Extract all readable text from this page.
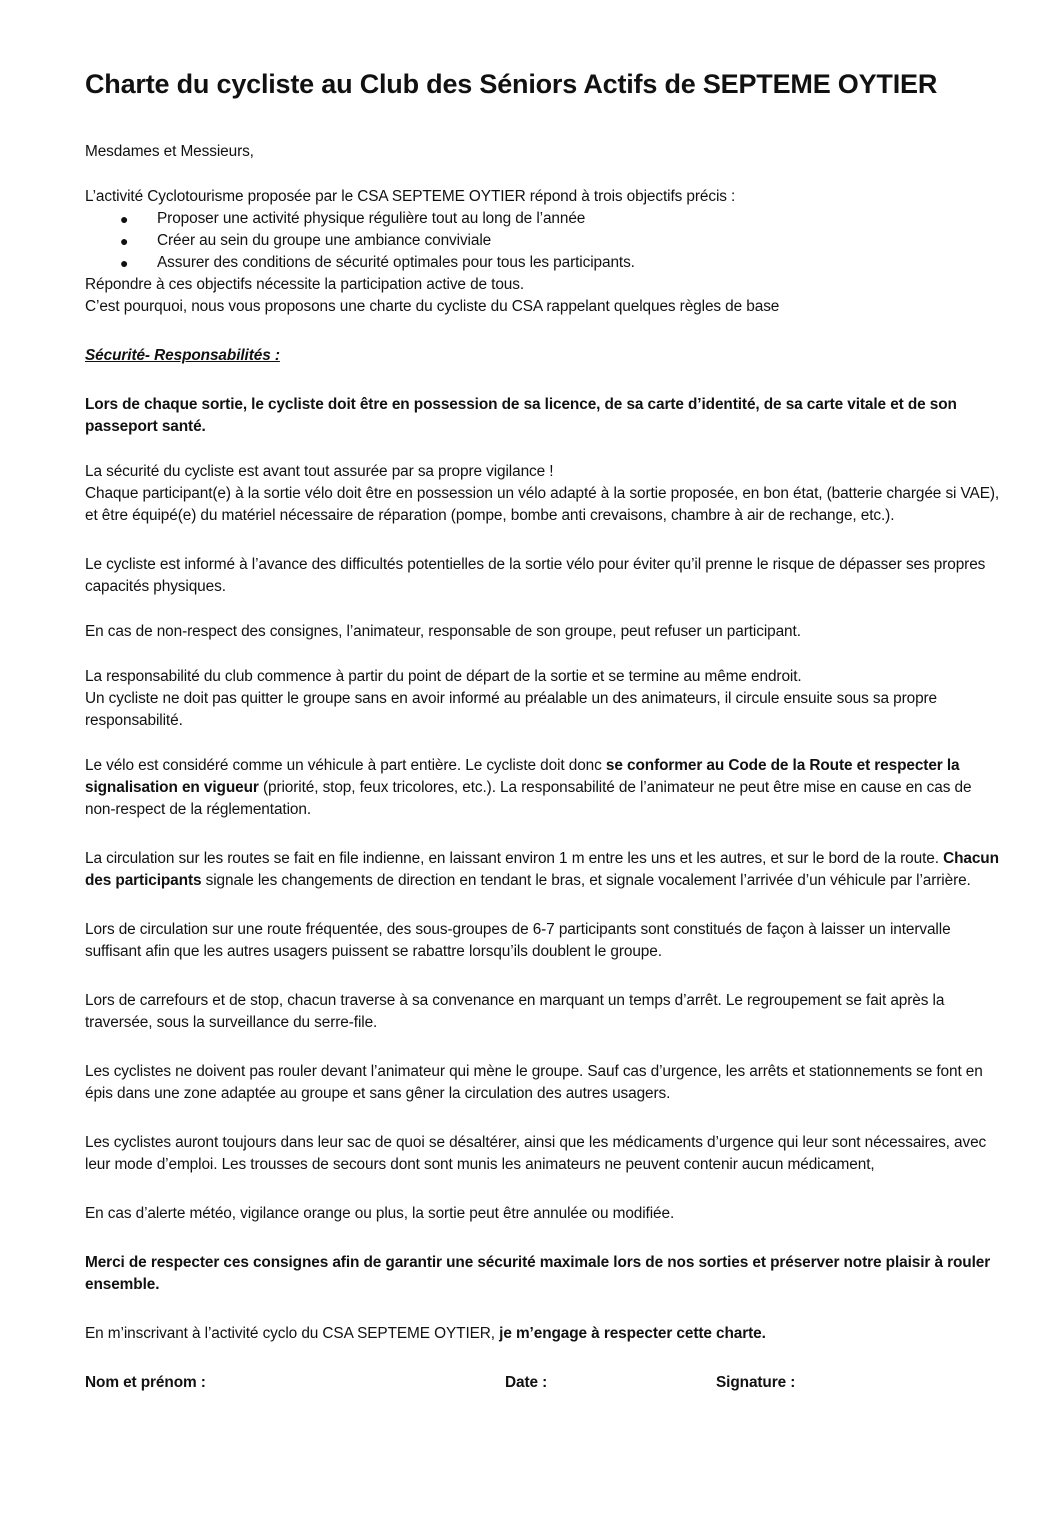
Charte du cycliste au Club des Séniors Actifs de SEPTEME OYTIER

Mesdames et Messieurs,

L’activité Cyclotourisme proposée par le CSA SEPTEME OYTIER répond à trois objectifs précis :

● Proposer une activité physique régulière tout au long de l’année
● Créer au sein du groupe une ambiance conviviale
● Assurer des conditions de sécurité optimales pour tous les participants.

Répondre à ces objectifs nécessite la participation active de tous.

C’est pourquoi, nous vous proposons une charte du cycliste du CSA rappelant quelques règles de base

Sécurité- Responsabilités :

Lors de chaque sortie, le cycliste doit être en possession de sa licence, de sa carte d’identité, de sa carte vitale et de son passeport santé.

La sécurité du cycliste est avant tout assurée par sa propre vigilance !

Chaque participant(e) à la sortie vélo doit être en possession un vélo adapté à la sortie proposée, en bon état, (batterie chargée si VAE), et être équipé(e) du matériel nécessaire de réparation (pompe, bombe anti crevaisons, chambre à air de rechange, etc.).

Le cycliste est informé à l’avance des difficultés potentielles de la sortie vélo pour éviter qu’il prenne le risque de dépasser ses propres capacités physiques.

En cas de non-respect des consignes, l’animateur, responsable de son groupe, peut refuser un participant.

La responsabilité du club commence à partir du point de départ de la sortie et se termine au même endroit.

Un cycliste ne doit pas quitter le groupe sans en avoir informé au préalable un des animateurs, il circule ensuite sous sa propre responsabilité.

Le vélo est considéré comme un véhicule à part entière. Le cycliste doit donc se conformer au Code de la Route et respecter la signalisation en vigueur (priorité, stop, feux tricolores, etc.). La responsabilité de l’animateur ne peut être mise en cause en cas de non-respect de la réglementation.

La circulation sur les routes se fait en file indienne, en laissant environ 1 m entre les uns et les autres, et sur le bord de la route. Chacun des participants signale les changements de direction en tendant le bras, et signale vocalement l’arrivée d’un véhicule par l’arrière.

Lors de circulation sur une route fréquentée, des sous-groupes de 6-7 participants sont constitués de façon à laisser un intervalle suffisant afin que les autres usagers puissent se rabattre lorsqu’ils doublent le groupe.

Lors de carrefours et de stop, chacun traverse à sa convenance en marquant un temps d’arrêt. Le regroupement se fait après la traversée, sous la surveillance du serre-file.

Les cyclistes ne doivent pas rouler devant l’animateur qui mène le groupe. Sauf cas d’urgence, les arrêts et stationnements se font en épis dans une zone adaptée au groupe et sans gêner la circulation des autres usagers.

Les cyclistes auront toujours dans leur sac de quoi se désaltérer, ainsi que les médicaments d’urgence qui leur sont nécessaires, avec leur mode d’emploi. Les trousses de secours dont sont munis les animateurs ne peuvent contenir aucun médicament,

En cas d’alerte météo, vigilance orange ou plus, la sortie peut être annulée ou modifiée.

Merci de respecter ces consignes afin de garantir une sécurité maximale lors de nos sorties et préserver notre plaisir à rouler ensemble.

En m’inscrivant à l’activité cyclo du CSA SEPTEME OYTIER, je m’engage à respecter cette charte.

Nom et prénom :	Date :	Signature :
